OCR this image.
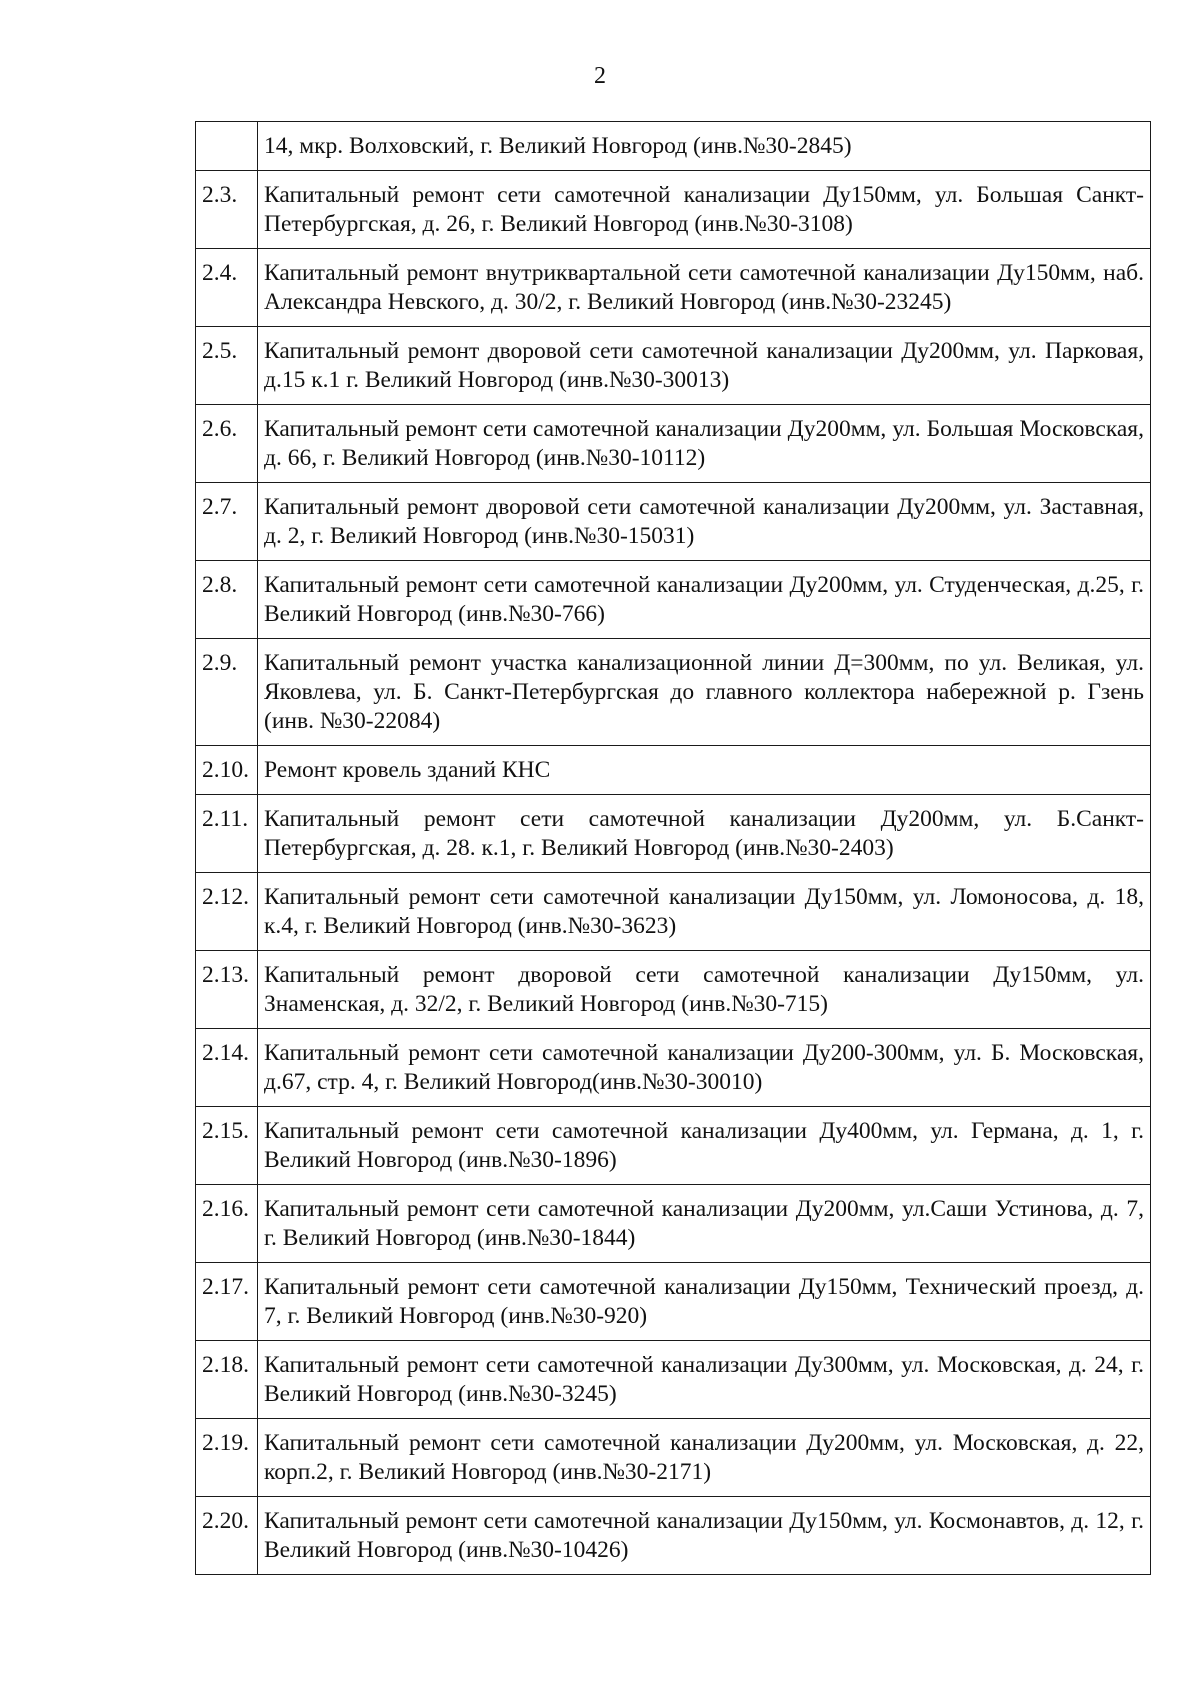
2
	14, мкр. Волховский, г. Великий Новгород (инв.№30-2845)
2.3.	Капитальный ремонт сети самотечной канализации Ду150мм, ул. Большая Санкт-Петербургская, д. 26, г. Великий Новгород (инв.№30-3108)
2.4.	Капитальный ремонт внутриквартальной сети самотечной канализации Ду150мм, наб. Александра Невского, д. 30/2, г. Великий Новгород (инв.№30-23245)
2.5.	Капитальный ремонт дворовой сети самотечной канализации Ду200мм, ул. Парковая, д.15 к.1 г. Великий Новгород (инв.№30-30013)
2.6.	Капитальный ремонт сети самотечной канализации Ду200мм, ул. Большая Московская, д. 66, г. Великий Новгород (инв.№30-10112)
2.7.	Капитальный ремонт дворовой сети самотечной канализации Ду200мм, ул. Заставная, д. 2, г. Великий Новгород (инв.№30-15031)
2.8.	Капитальный ремонт сети самотечной канализации Ду200мм, ул. Студенческая, д.25, г. Великий Новгород (инв.№30-766)
2.9.	Капитальный ремонт участка канализационной линии Д=300мм, по ул. Великая, ул. Яковлева, ул. Б. Санкт-Петербургская до главного коллектора набережной р. Гзень (инв. №30-22084)
2.10.	Ремонт кровель зданий КНС
2.11.	Капитальный ремонт сети самотечной канализации Ду200мм, ул. Б.Санкт-Петербургская, д. 28. к.1, г. Великий Новгород (инв.№30-2403)
2.12.	Капитальный ремонт сети самотечной канализации Ду150мм, ул. Ломоносова, д. 18, к.4, г. Великий Новгород (инв.№30-3623)
2.13.	Капитальный ремонт дворовой сети самотечной канализации Ду150мм, ул. Знаменская, д. 32/2, г. Великий Новгород (инв.№30-715)
2.14.	Капитальный ремонт сети самотечной канализации Ду200-300мм, ул. Б. Московская, д.67, стр. 4, г. Великий Новгород(инв.№30-30010)
2.15.	Капитальный ремонт сети самотечной канализации Ду400мм, ул. Германа, д. 1, г. Великий Новгород (инв.№30-1896)
2.16.	Капитальный ремонт сети самотечной канализации Ду200мм, ул.Саши Устинова, д. 7, г. Великий Новгород (инв.№30-1844)
2.17.	Капитальный ремонт сети самотечной канализации Ду150мм, Технический проезд, д. 7, г. Великий Новгород (инв.№30-920)
2.18.	Капитальный ремонт сети самотечной канализации Ду300мм, ул. Московская, д. 24, г. Великий Новгород (инв.№30-3245)
2.19.	Капитальный ремонт сети самотечной канализации Ду200мм, ул. Московская, д. 22, корп.2, г. Великий Новгород (инв.№30-2171)
2.20.	Капитальный ремонт сети самотечной канализации Ду150мм, ул. Космонавтов, д. 12, г. Великий Новгород (инв.№30-10426)
